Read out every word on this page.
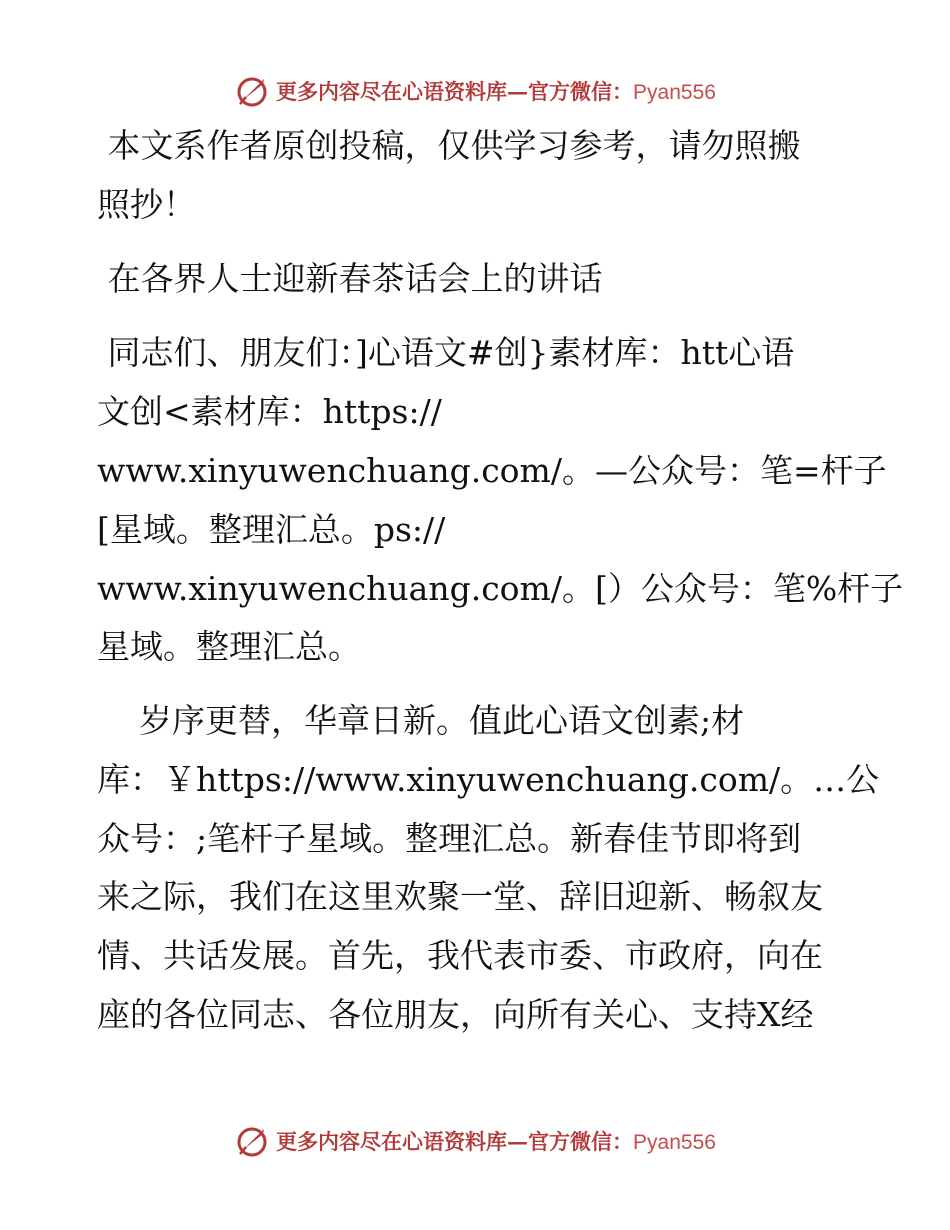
更多内容尽在心语资料库—官方微信：Pyan556

本文系作者原创投稿，仅供学习参考，请勿照搬

照抄！

在各界人士迎新春茶话会上的讲话

同志们、朋友们：]心语文#创}素材库：htt心语

文创<素材库：https://

www.xinyuwenchuang.com/。—公众号：笔=杆子

[星域。整理汇总。ps://

www.xinyuwenchuang.com/。[）公众号：笔%杆子

星域。整理汇总。

岁序更替，华章日新。值此心语文创素;材

库：￥https://www.xinyuwenchuang.com/。…公

众号：;笔杆子星域。整理汇总。新春佳节即将到

来之际，我们在这里欢聚一堂、辞旧迎新、畅叙友

情、共话发展。首先，我代表市委、市政府，向在

座的各位同志、各位朋友，向所有关心、支持X经

更多内容尽在心语资料库—官方微信：Pyan556
